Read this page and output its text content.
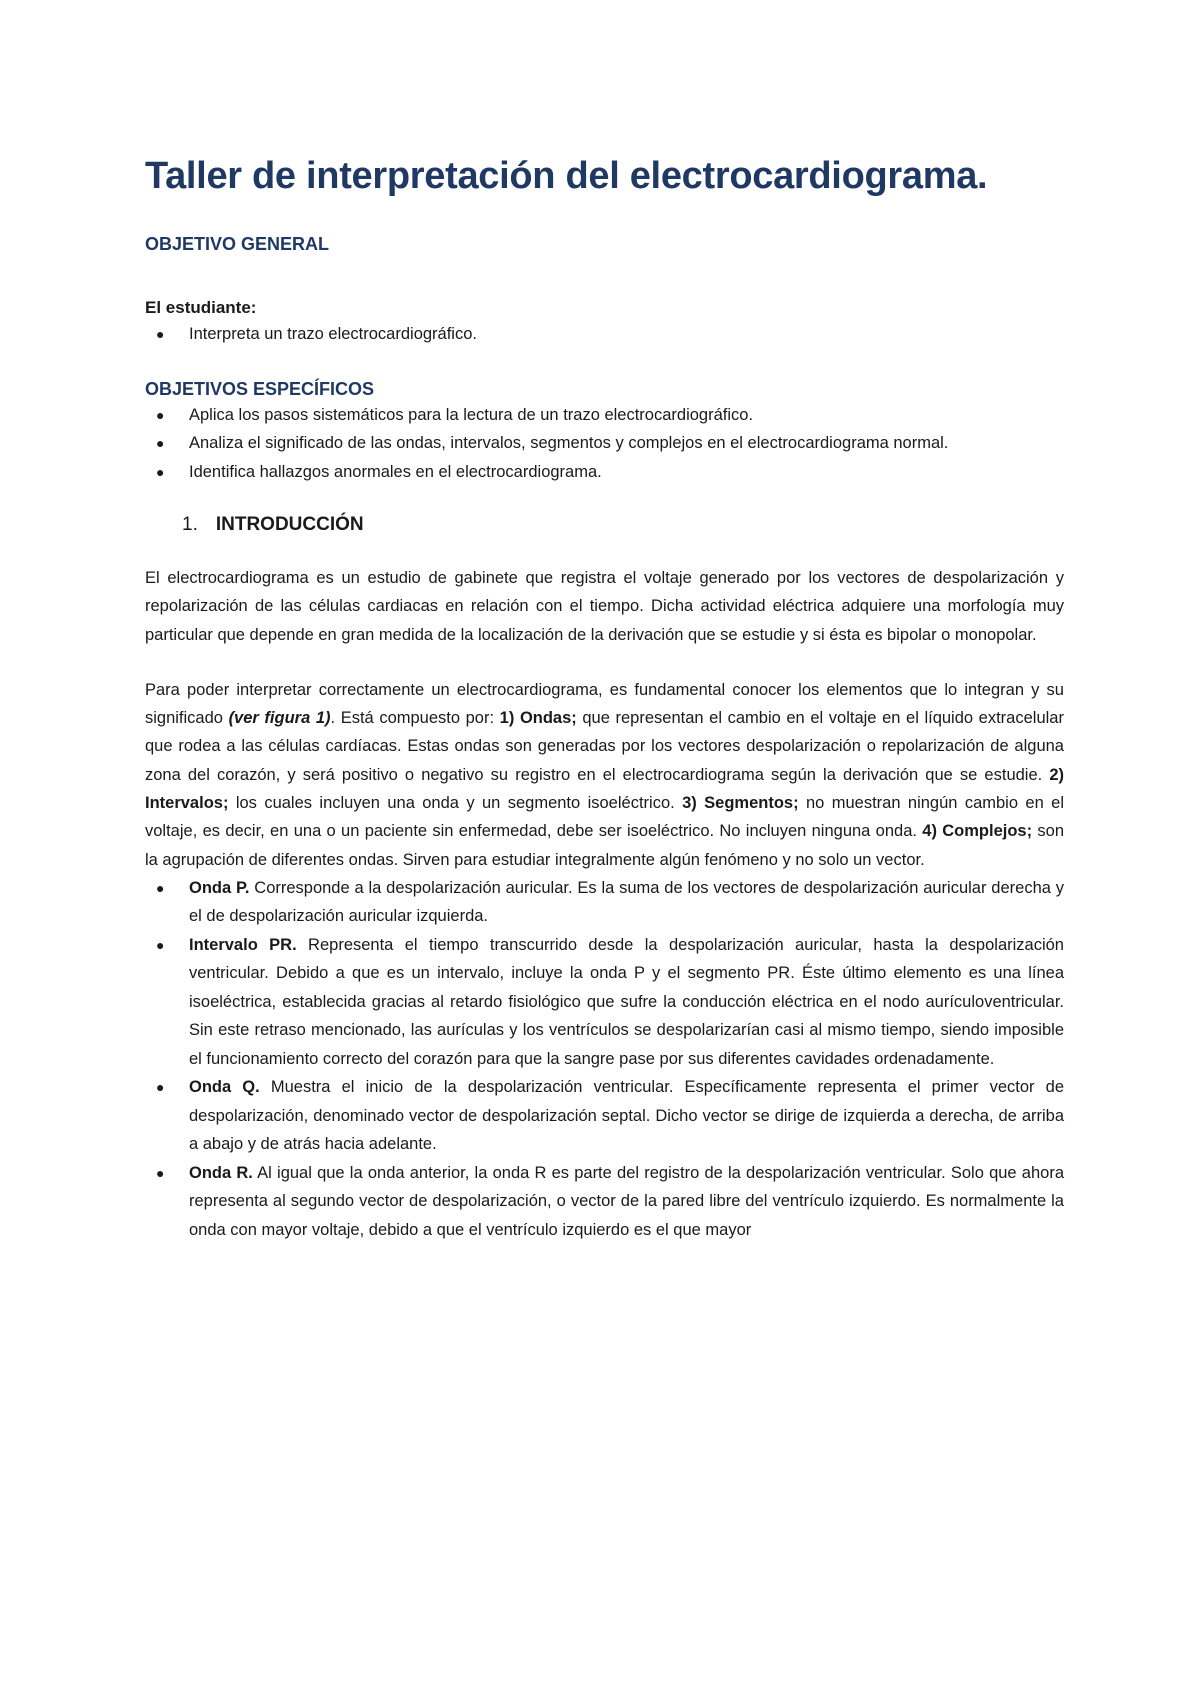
Taller de interpretación del electrocardiograma.
OBJETIVO GENERAL
El estudiante:
● Interpreta un trazo electrocardiográfico.
OBJETIVOS ESPECÍFICOS
● Aplica los pasos sistemáticos para la lectura de un trazo electrocardiográfico.
● Analiza el significado de las ondas, intervalos, segmentos y complejos en el electrocardiograma normal.
● Identifica hallazgos anormales en el electrocardiograma.
1. INTRODUCCIÓN

El electrocardiograma es un estudio de gabinete que registra el voltaje generado por los vectores de despolarización y repolarización de las células cardiacas en relación con el tiempo. Dicha actividad eléctrica adquiere una morfología muy particular que depende en gran medida de la localización de la derivación que se estudie y si ésta es bipolar o monopolar.

Para poder interpretar correctamente un electrocardiograma, es fundamental conocer los elementos que lo integran y su significado (ver figura 1). Está compuesto por: 1) Ondas; que representan el cambio en el voltaje en el líquido extracelular que rodea a las células cardíacas. Estas ondas son generadas por los vectores despolarización o repolarización de alguna zona del corazón, y será positivo o negativo su registro en el electrocardiograma según la derivación que se estudie. 2) Intervalos; los cuales incluyen una onda y un segmento isoeléctrico. 3) Segmentos; no muestran ningún cambio en el voltaje, es decir, en una o un paciente sin enfermedad, debe ser isoeléctrico. No incluyen ninguna onda. 4) Complejos; son la agrupación de diferentes ondas. Sirven para estudiar integralmente algún fenómeno y no solo un vector.

● Onda P. Corresponde a la despolarización auricular. Es la suma de los vectores de despolarización auricular derecha y el de despolarización auricular izquierda.
● Intervalo PR. Representa el tiempo transcurrido desde la despolarización auricular, hasta la despolarización ventricular. Debido a que es un intervalo, incluye la onda P y el segmento PR. Éste último elemento es una línea isoeléctrica, establecida gracias al retardo fisiológico que sufre la conducción eléctrica en el nodo aurículoventricular. Sin este retraso mencionado, las aurículas y los ventrículos se despolarizarían casi al mismo tiempo, siendo imposible el funcionamiento correcto del corazón para que la sangre pase por sus diferentes cavidades ordenadamente.
● Onda Q. Muestra el inicio de la despolarización ventricular. Específicamente representa el primer vector de despolarización, denominado vector de despolarización septal. Dicho vector se dirige de izquierda a derecha, de arriba a abajo y de atrás hacia adelante.
● Onda R. Al igual que la onda anterior, la onda R es parte del registro de la despolarización ventricular. Solo que ahora representa al segundo vector de despolarización, o vector de la pared libre del ventrículo izquierdo. Es normalmente la onda con mayor voltaje, debido a que el ventrículo izquierdo es el que mayor
